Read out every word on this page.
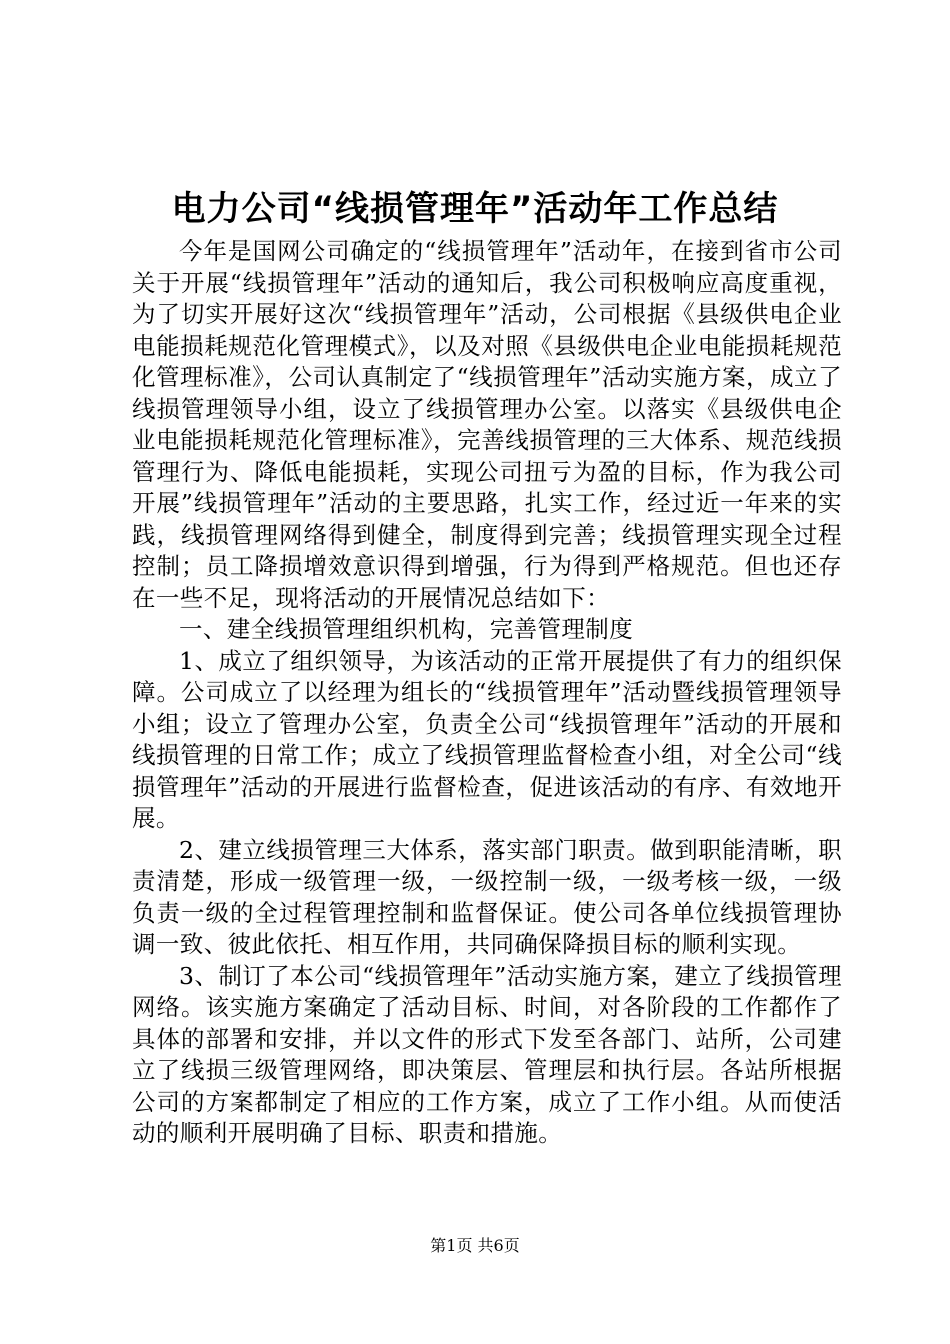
电力公司“线损管理年”活动年工作总结

今年是国网公司确定的“线损管理年”活动年，在接到省市公司关于开展“线损管理年”活动的通知后，我公司积极响应高度重视，为了切实开展好这次“线损管理年”活动，公司根据《县级供电企业电能损耗规范化管理模式》，以及对照《县级供电企业电能损耗规范化管理标准》，公司认真制定了“线损管理年”活动实施方案，成立了线损管理领导小组，设立了线损管理办公室。以落实《县级供电企业电能损耗规范化管理标准》，完善线损管理的三大体系、规范线损管理行为、降低电能损耗，实现公司扭亏为盈的目标，作为我公司开展”线损管理年”活动的主要思路，扎实工作，经过近一年来的实践，线损管理网络得到健全，制度得到完善；线损管理实现全过程控制；员工降损增效意识得到增强，行为得到严格规范。但也还存在一些不足，现将活动的开展情况总结如下：

一、建全线损管理组织机构，完善管理制度

1、成立了组织领导，为该活动的正常开展提供了有力的组织保障。公司成立了以经理为组长的“线损管理年”活动暨线损管理领导小组；设立了管理办公室，负责全公司“线损管理年”活动的开展和线损管理的日常工作；成立了线损管理监督检查小组，对全公司“线损管理年”活动的开展进行监督检查，促进该活动的有序、有效地开展。

2、建立线损管理三大体系，落实部门职责。做到职能清晰，职责清楚，形成一级管理一级，一级控制一级，一级考核一级，一级负责一级的全过程管理控制和监督保证。使公司各单位线损管理协调一致、彼此依托、相互作用，共同确保降损目标的顺利实现。

3、制订了本公司“线损管理年”活动实施方案，建立了线损管理网络。该实施方案确定了活动目标、时间，对各阶段的工作都作了具体的部署和安排，并以文件的形式下发至各部门、站所，公司建立了线损三级管理网络，即决策层、管理层和执行层。各站所根据公司的方案都制定了相应的工作方案，成立了工作小组。从而使活动的顺利开展明确了目标、职责和措施。

第1页 共6页
